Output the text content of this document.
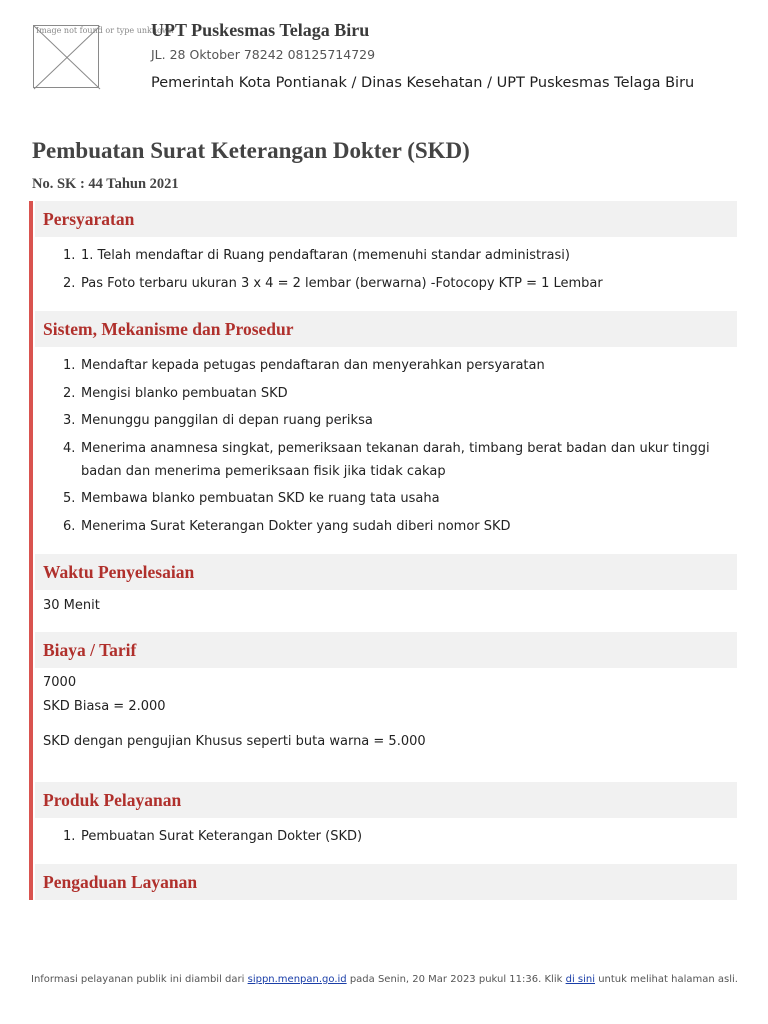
Image not found or type unknown
UPT Puskesmas Telaga Biru
JL. 28 Oktober 78242 08125714729
Pemerintah Kota Pontianak / Dinas Kesehatan / UPT Puskesmas Telaga Biru
Pembuatan Surat Keterangan Dokter (SKD)
No. SK : 44 Tahun 2021
Persyaratan
1. 1. Telah mendaftar di Ruang pendaftaran (memenuhi standar administrasi)
2. Pas Foto terbaru ukuran 3 x 4 = 2 lembar (berwarna) -Fotocopy KTP = 1 Lembar
Sistem, Mekanisme dan Prosedur
1. Mendaftar kepada petugas pendaftaran dan menyerahkan persyaratan
2. Mengisi blanko pembuatan SKD
3. Menunggu panggilan di depan ruang periksa
4. Menerima anamnesa singkat, pemeriksaan tekanan darah, timbang berat badan dan ukur tinggi badan dan menerima pemeriksaan fisik jika tidak cakap
5. Membawa blanko pembuatan SKD ke ruang tata usaha
6. Menerima Surat Keterangan Dokter yang sudah diberi nomor SKD
Waktu Penyelesaian
30 Menit
Biaya / Tarif
7000
SKD Biasa = 2.000
SKD dengan pengujian Khusus seperti buta warna = 5.000
Produk Pelayanan
1. Pembuatan Surat Keterangan Dokter (SKD)
Pengaduan Layanan
Informasi pelayanan publik ini diambil dari sippn.menpan.go.id pada Senin, 20 Mar 2023 pukul 11:36. Klik di sini untuk melihat halaman asli.
